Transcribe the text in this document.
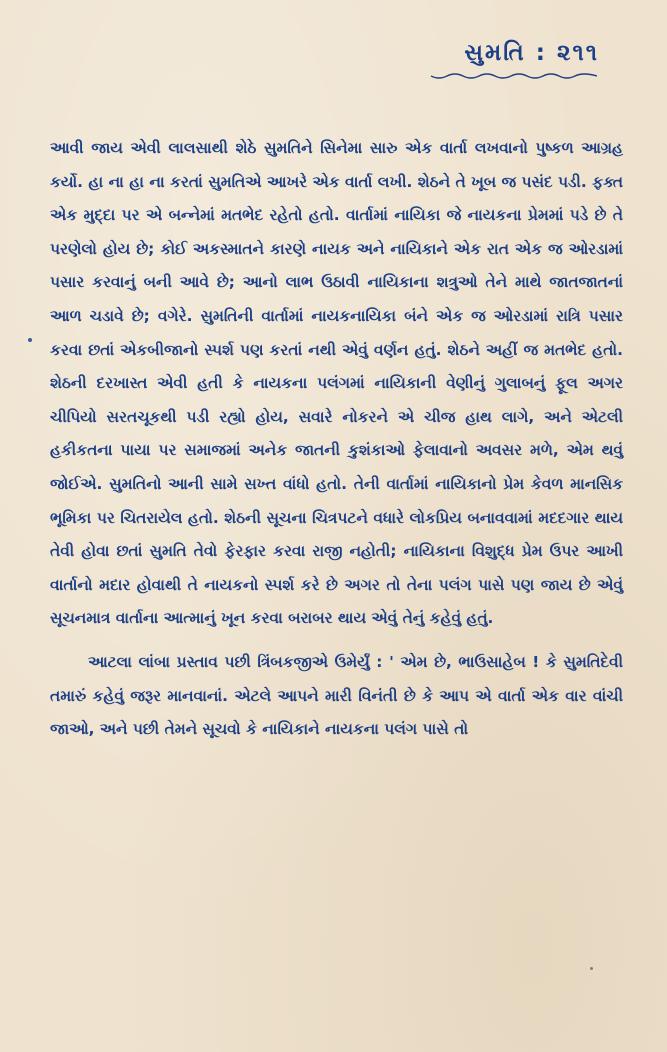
સુમતિ : ૨૧૧

આવી જાય એવી લાલસાથી શેઠે સુમતિને સિનેમા સારુ એક વાર્તા લખવાનો પુષ્કળ આગ્રહ કર્યો. હા ના હા ના કરતાં સુમતિએ આખરે એક વાર્તા લખી. શેઠને તે ખૂબ જ પસંદ પડી. ફક્ત એક મુદ્દા પર એ બન્નેમાં મતભેદ રહેતો હતો. વાર્તામાં નાયિકા જે નાયકના પ્રેમમાં પડે છે તે પરણેલો હોય છે; કોઈ અકસ્માતને કારણે નાયક અને નાયિકાને એક રાત એક જ ઓરડામાં પસાર કરવાનું બની આવે છે; આનો લાભ ઉઠાવી નાયિકાના શત્રુઓ તેને માથે જાતજાતનાં આળ ચડાવે છે; વગેરે. સુમતિની વાર્તામાં નાયકનાયિકા બંને એક જ ઓરડામાં રાત્રિ પસાર કરવા છતાં એકબીજાનો સ્પર્શ પણ કરતાં નથી એવું વર્ણન હતું. શેઠને અહીં જ મતભેદ હતો. શેઠની દરખાસ્ત એવી હતી કે નાયકના પલંગમાં નાયિકાની વેણીનું ગુલાબનું ફૂલ અગર ચીપિયો સરતચૂકથી પડી રહ્યો હોય, સવારે નોકરને એ ચીજ હાથ લાગે, અને એટલી હકીકતના પાયા પર સમાજમાં અનેક જાતની કુશંકાઓ ફેલાવાનો અવસર મળે, એમ થવું જોઈએ. સુમતિનો આની સામે સખ્ત વાંધો હતો. તેની વાર્તામાં નાયિકાનો પ્રેમ કેવળ માનસિક ભૂમિકા પર ચિતરાયેલ હતો. શેઠની સૂચના ચિત્રપટને વધારે લોકપ્રિય બનાવવામાં મદદગાર થાય તેવી હોવા છતાં સુમતિ તેવો ફેરફાર કરવા રાજી નહોતી; નાયિકાના વિશુદ્ધ પ્રેમ ઉપર આખી વાર્તાનો મદાર હોવાથી તે નાયકનો સ્પર્શ કરે છે અગર તો તેના પલંગ પાસે પણ જાય છે એવું સૂચનમાત્ર વાર્તાના આત્માનું ખૂન કરવા બરાબર થાય એવું તેનું કહેવું હતું.

આટલા લાંબા પ્રસ્તાવ પછી ત્રિંબકજીએ ઉમેર્યું : ' એમ છે, ભાઉસાહેબ ! કે સુમતિદેવી તમારું કહેવું જરૂર માનવાનાં. એટલે આપને મારી વિનંતી છે કે આપ એ વાર્તા એક વાર વાંચી જાઓ, અને પછી તેમને સૂચવો કે નાયિકાને નાયકના પલંગ પાસે તો
